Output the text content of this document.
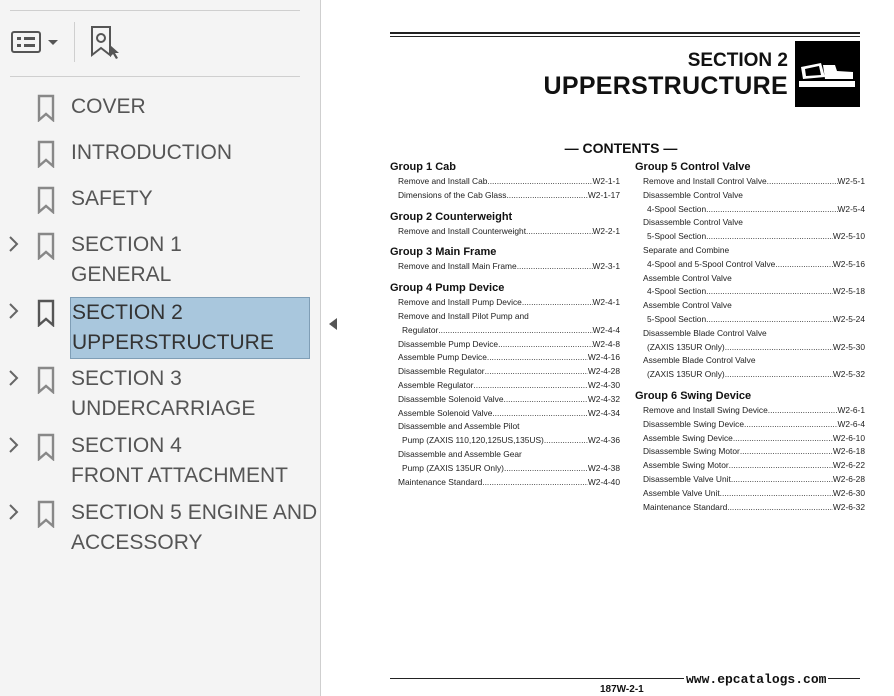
COVER
INTRODUCTION
SAFETY
SECTION 1
GENERAL
SECTION 2
UPPERSTRUCTURE
SECTION 3
UNDERCARRIAGE
SECTION 4
FRONT ATTACHMENT
SECTION 5 ENGINE AND
ACCESSORY
SECTION 2
UPPERSTRUCTURE
— CONTENTS —
Group 1 Cab
Remove and Install Cab .....	W2-1-1
Dimensions of the Cab Glass .....	W2-1-17
Group 2 Counterweight
Remove and Install Counterweight .....	W2-2-1
Group 3 Main Frame
Remove and Install Main Frame .....	W2-3-1
Group 4 Pump Device
Remove and Install Pump Device .....	W2-4-1
Remove and Install Pilot Pump and
Regulator .....	W2-4-4
Disassemble Pump Device .....	W2-4-8
Assemble Pump Device .....	W2-4-16
Disassemble Regulator .....	W2-4-28
Assemble Regulator .....	W2-4-30
Disassemble Solenoid Valve .....	W2-4-32
Assemble Solenoid Valve .....	W2-4-34
Disassemble and Assemble Pilot
Pump (ZAXIS 110,120,125US,135US) .....	W2-4-36
Disassemble and Assemble Gear
Pump (ZAXIS 135UR Only) .....	W2-4-38
Maintenance Standard .....	W2-4-40
Group 5 Control Valve
Remove and Install Control Valve .....	W2-5-1
Disassemble Control Valve
4-Spool Section .....	W2-5-4
Disassemble Control Valve
5-Spool Section .....	W2-5-10
Separate and Combine
4-Spool and 5-Spool Control Valve .....	W2-5-16
Assemble Control Valve
4-Spool Section .....	W2-5-18
Assemble Control Valve
5-Spool Section .....	W2-5-24
Disassemble Blade Control Valve
(ZAXIS 135UR Only) .....	W2-5-30
Assemble Blade Control Valve
(ZAXIS 135UR Only) .....	W2-5-32
Group 6 Swing Device
Remove and Install Swing Device .....	W2-6-1
Disassemble Swing Device .....	W2-6-4
Assemble Swing Device .....	W2-6-10
Disassemble Swing Motor .....	W2-6-18
Assemble Swing Motor .....	W2-6-22
Disassemble Valve Unit .....	W2-6-28
Assemble Valve Unit .....	W2-6-30
Maintenance Standard .....	W2-6-32
187W-2-1
www.epcatalogs.com
